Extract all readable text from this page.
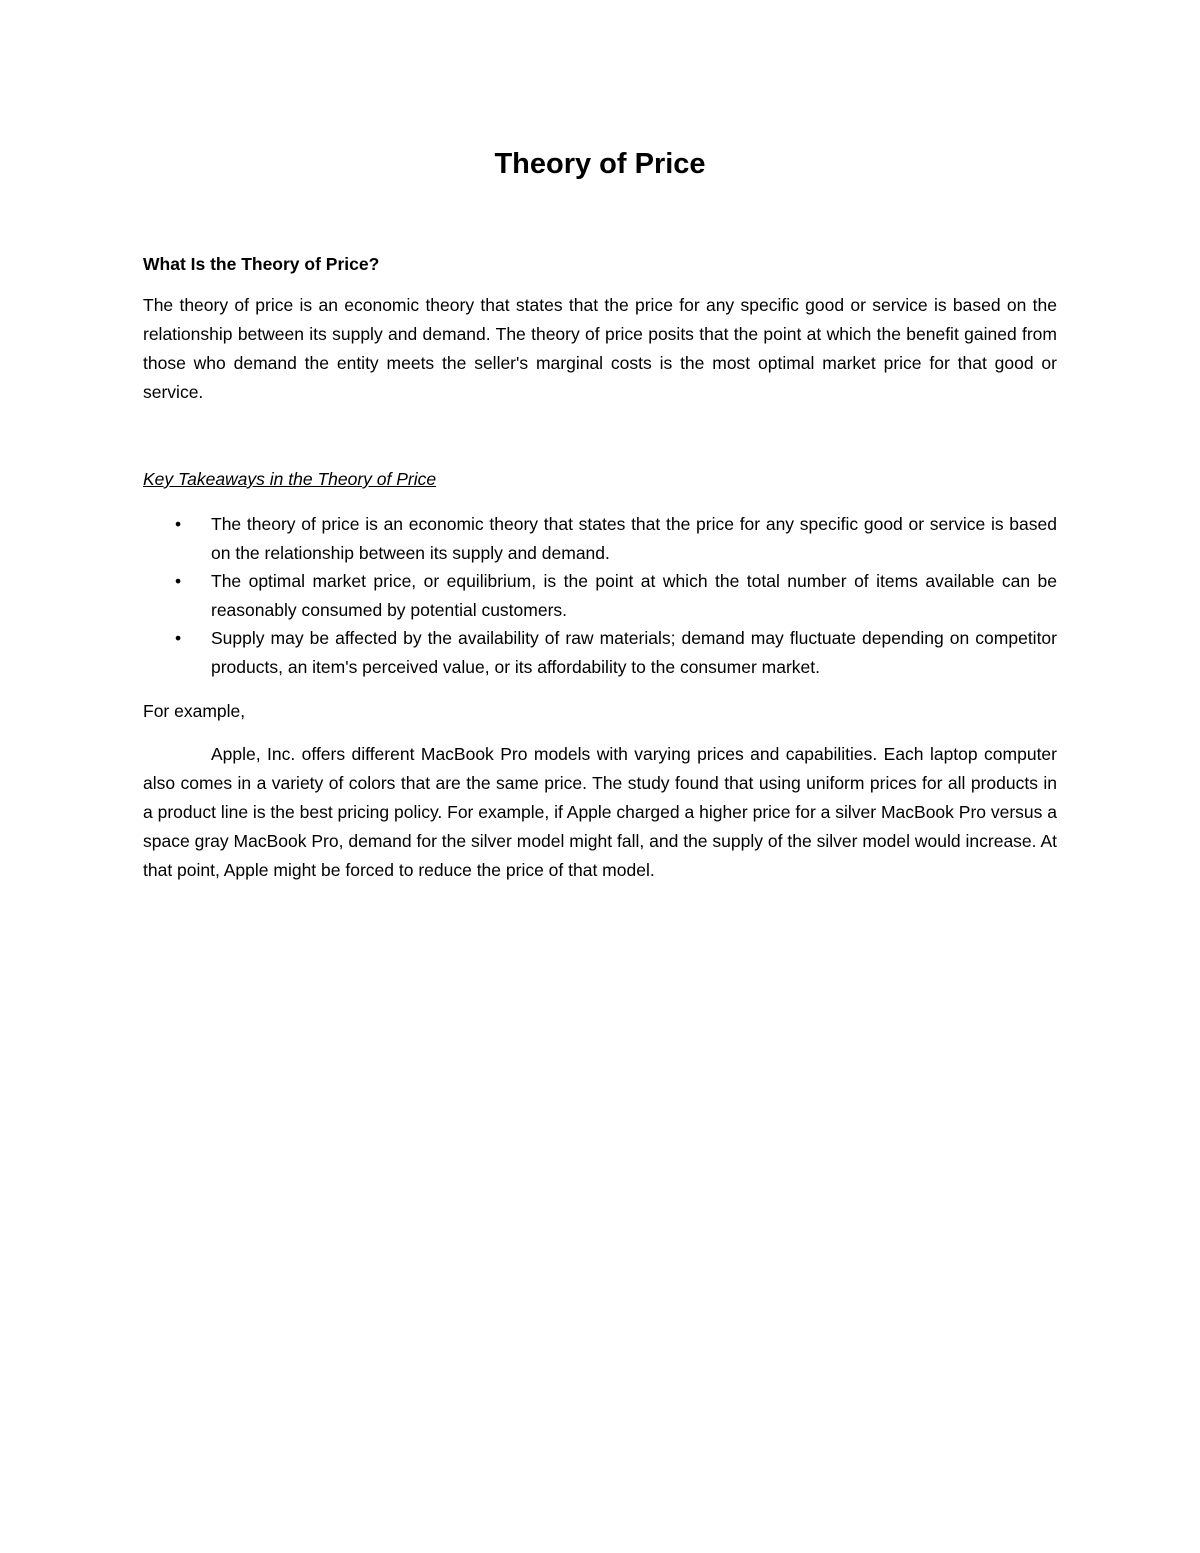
Theory of Price

What Is the Theory of Price?

The theory of price is an economic theory that states that the price for any specific good or service is based on the relationship between its supply and demand. The theory of price posits that the point at which the benefit gained from those who demand the entity meets the seller's marginal costs is the most optimal market price for that good or service.

Key Takeaways in the Theory of Price

• The theory of price is an economic theory that states that the price for any specific good or service is based on the relationship between its supply and demand.
• The optimal market price, or equilibrium, is the point at which the total number of items available can be reasonably consumed by potential customers.
• Supply may be affected by the availability of raw materials; demand may fluctuate depending on competitor products, an item's perceived value, or its affordability to the consumer market.

For example,

Apple, Inc. offers different MacBook Pro models with varying prices and capabilities. Each laptop computer also comes in a variety of colors that are the same price. The study found that using uniform prices for all products in a product line is the best pricing policy. For example, if Apple charged a higher price for a silver MacBook Pro versus a space gray MacBook Pro, demand for the silver model might fall, and the supply of the silver model would increase. At that point, Apple might be forced to reduce the price of that model.
